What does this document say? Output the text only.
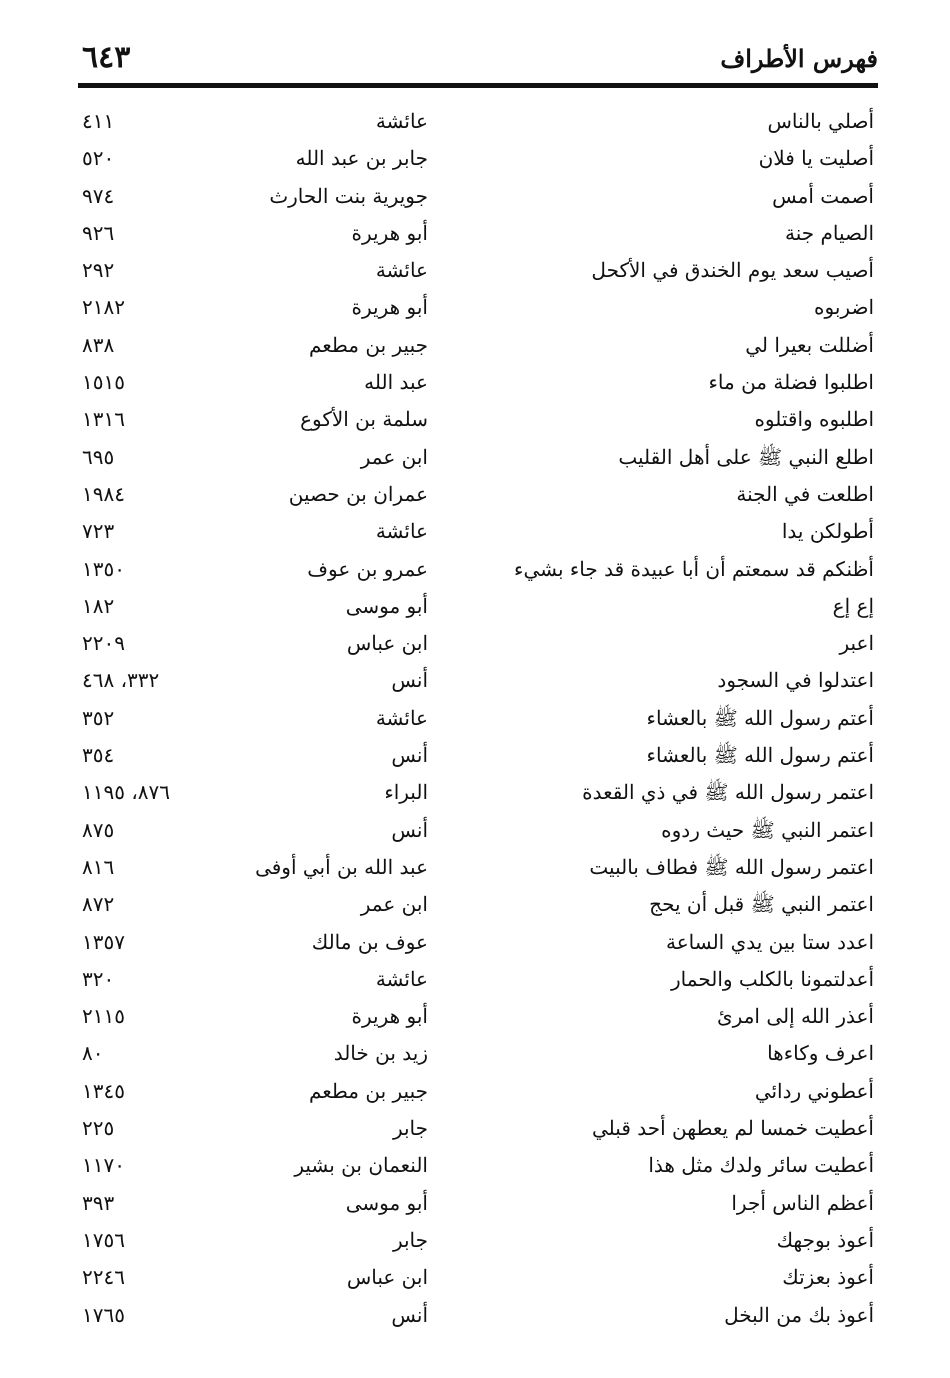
فهرس الأطراف
٦٤٣
أصلي بالناس
عائشة
٤١١
أصليت يا فلان
جابر بن عبد الله
٥٢٠
أصمت أمس
جويرية بنت الحارث
٩٧٤
الصيام جنة
أبو هريرة
٩٢٦
أصيب سعد يوم الخندق في الأكحل
عائشة
٢٩٢
اضربوه
أبو هريرة
٢١٨٢
أضللت بعيرا لي
جبير بن مطعم
٨٣٨
اطلبوا فضلة من ماء
عبد الله
١٥١٥
اطلبوه واقتلوه
سلمة بن الأكوع
١٣١٦
اطلع النبي ﷺ على أهل القليب
ابن عمر
٦٩٥
اطلعت في الجنة
عمران بن حصين
١٩٨٤
أطولكن يدا
عائشة
٧٢٣
أظنكم قد سمعتم أن أبا عبيدة قد جاء بشيء
عمرو بن عوف
١٣٥٠
إع إع
أبو موسى
١٨٢
اعبر
ابن عباس
٢٢٠٩
اعتدلوا في السجود
أنس
٣٣٢، ٤٦٨
أعتم رسول الله ﷺ بالعشاء
عائشة
٣٥٢
أعتم رسول الله ﷺ بالعشاء
أنس
٣٥٤
اعتمر رسول الله ﷺ في ذي القعدة
البراء
٨٧٦، ١١٩٥
اعتمر النبي ﷺ حيث ردوه
أنس
٨٧٥
اعتمر رسول الله ﷺ فطاف بالبيت
عبد الله بن أبي أوفى
٨١٦
اعتمر النبي ﷺ قبل أن يحج
ابن عمر
٨٧٢
اعدد ستا بين يدي الساعة
عوف بن مالك
١٣٥٧
أعدلتمونا بالكلب والحمار
عائشة
٣٢٠
أعذر الله إلى امرئ
أبو هريرة
٢١١٥
اعرف وكاءها
زيد بن خالد
٨٠
أعطوني ردائي
جبير بن مطعم
١٣٤٥
أعطيت خمسا لم يعطهن أحد قبلي
جابر
٢٢٥
أعطيت سائر ولدك مثل هذا
النعمان بن بشير
١١٧٠
أعظم الناس أجرا
أبو موسى
٣٩٣
أعوذ بوجهك
جابر
١٧٥٦
أعوذ بعزتك
ابن عباس
٢٢٤٦
أعوذ بك من البخل
أنس
١٧٦٥
